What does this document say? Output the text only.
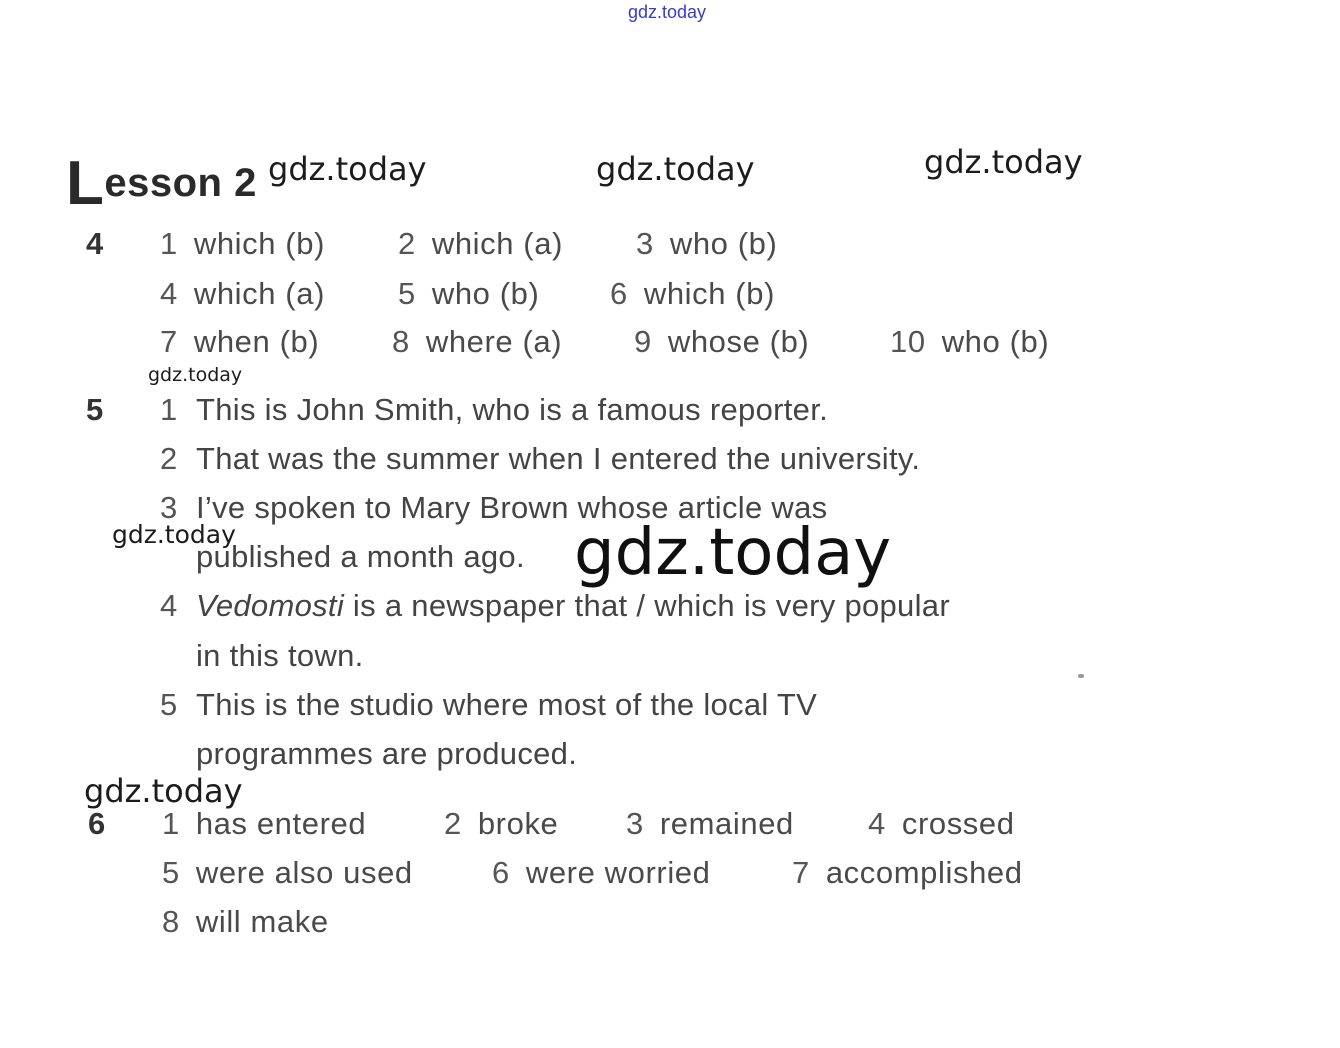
gdz.today
Lesson 2 gdz.today	gdz.today	gdz.today
4 1 which (b) 2 which (a) 3 who (b)
4 which (a) 5 who (b) 6 which (b)
7 when (b) 8 where (a) 9 whose (b)	10 who (b)
gdz.today
5 1 This is John Smith, who is a famous reporter.
2 That was the summer when I entered the university.
3 I’ve spoken to Mary Brown whose article was
published a month ago.
gdz.today	gdz.today
4 Vedomosti is a newspaper that / which is very popular
in this town.
5 This is the studio where most of the local TV
programmes are produced.
gdz.today
6 1 has entered	2 broke 3 remained 4 crossed
5 were also used	6 were worried	7 accomplished
8 will make
